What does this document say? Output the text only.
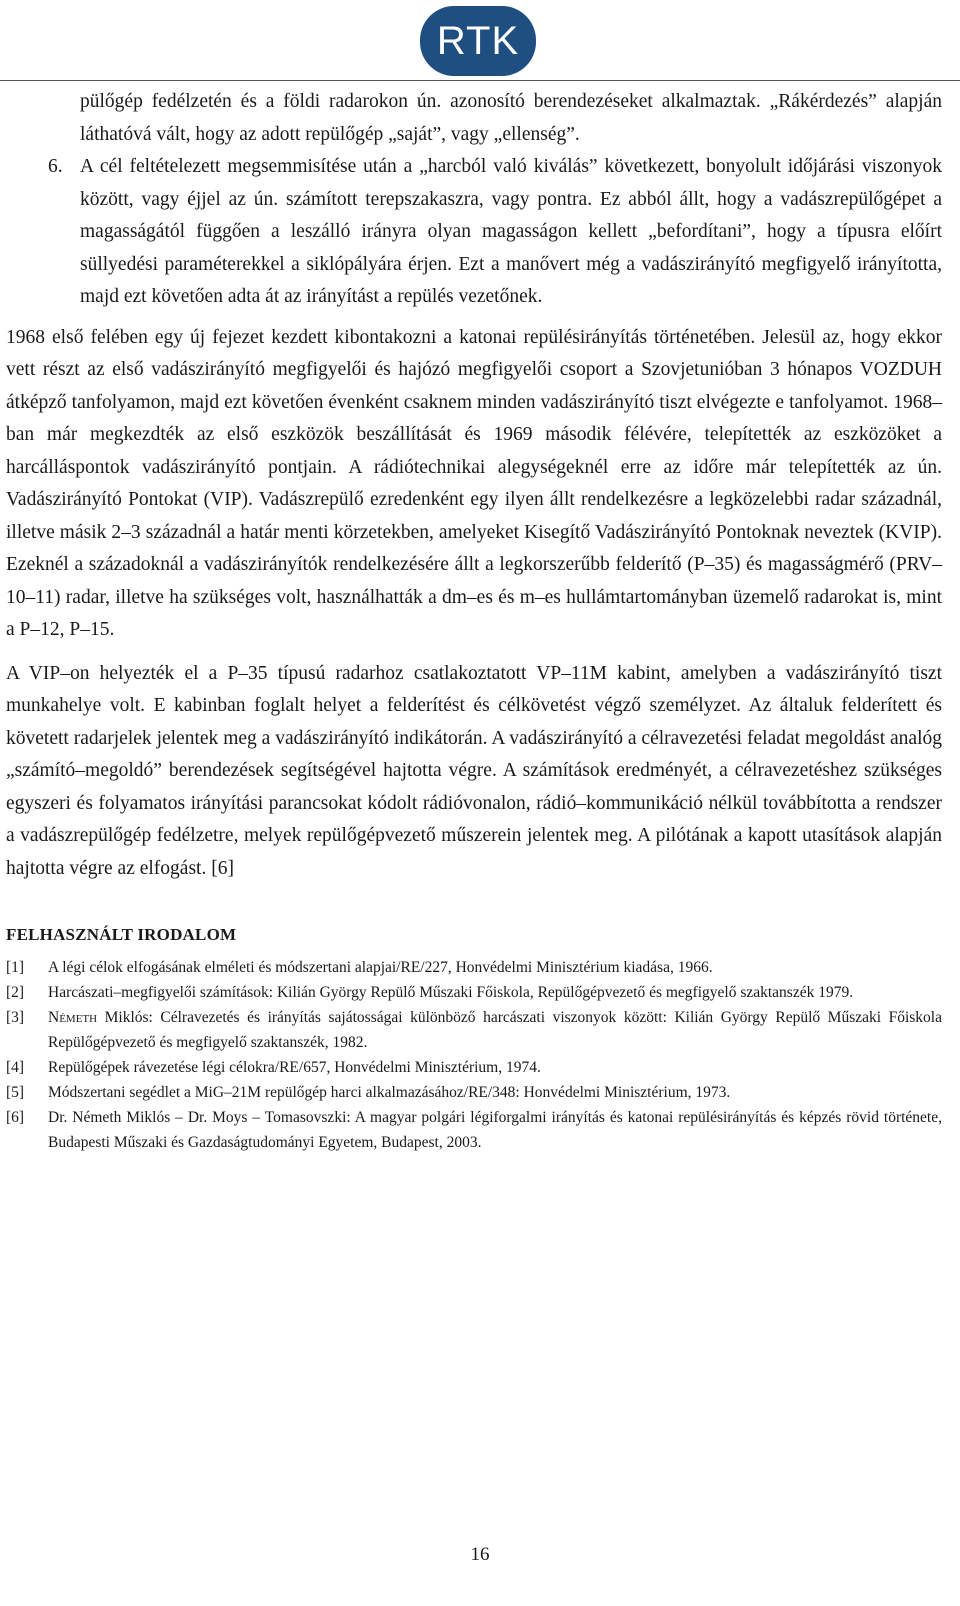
RTK

pülőgép fedélzetén és a földi radarokon ún. azonosító berendezéseket alkalmaztak. „Rákérdezés” alapján láthatóvá vált, hogy az adott repülőgép „saját”, vagy „ellenség”.

6. A cél feltételezett megsemmisítése után a „harcból való kiválás” következett, bonyolult időjárási viszonyok között, vagy éjjel az ún. számított terepszakaszra, vagy pontra. Ez abból állt, hogy a vadászrepülőgépet a magasságától függően a leszálló irányra olyan magasságon kellett „befordítani”, hogy a típusra előírt süllyedési paraméterekkel a siklópályára érjen. Ezt a manővert még a vadászirányító megfigyelő irányította, majd ezt követően adta át az irányítást a repülés vezetőnek.

1968 első felében egy új fejezet kezdett kibontakozni a katonai repülésirányítás történetében. Jelesül az, hogy ekkor vett részt az első vadászirányító megfigyelői és hajózó megfigyelői csoport a Szovjetunióban 3 hónapos VOZDUH átképző tanfolyamon, majd ezt követően évenként csaknem minden vadászirányító tiszt elvégezte e tanfolyamot. 1968–ban már megkezdték az első eszközök beszállítását és 1969 második félévére, telepítették az eszközöket a harcálláspontok vadászirányító pontjain. A rádiótechnikai alegységeknél erre az időre már telepítették az ún. Vadászirányító Pontokat (VIP). Vadászrepülő ezredenként egy ilyen állt rendelkezésre a legközelebbi radar századnál, illetve másik 2–3 századnál a határ menti körzetekben, amelyeket Kisegítő Vadászirányító Pontoknak neveztek (KVIP). Ezeknél a századoknál a vadászirányítók rendelkezésére állt a legkorszerűbb felderítő (P–35) és magasságmérő (PRV–10–11) radar, illetve ha szükséges volt, használhatták a dm–es és m–es hullámtartományban üzemelő radarokat is, mint a P–12, P–15.

A VIP–on helyezték el a P–35 típusú radarhoz csatlakoztatott VP–11M kabint, amelyben a vadászirányító tiszt munkahelye volt. E kabinban foglalt helyet a felderítést és célkövetést végző személyzet. Az általuk felderített és követett radarjelek jelentek meg a vadászirányító indikátorán. A vadászirányító a célravezetési feladat megoldást analóg „számító–megoldó” berendezések segítségével hajtotta végre. A számítások eredményét, a célravezetéshez szükséges egyszeri és folyamatos irányítási parancsokat kódolt rádióvonalon, rádió–kommunikáció nélkül továbbította a rendszer a vadászrepülőgép fedélzetre, melyek repülőgépvezető műszerein jelentek meg. A pilótának a kapott utasítások alapján hajtotta végre az elfogást. [6]

FELHASZNÁLT IRODALOM
[1] A légi célok elfogásának elméleti és módszertani alapjai/RE/227, Honvédelmi Minisztérium kiadása, 1966.
[2] Harcászati–megfigyelői számítások: Kilián György Repülő Műszaki Főiskola, Repülőgépvezető és megfigyelő szaktanszék 1979.
[3] Németh Miklós: Célravezetés és irányítás sajátosságai különböző harcászati viszonyok között: Kilián György Repülő Műszaki Főiskola Repülőgépvezető és megfigyelő szaktanszék, 1982.
[4] Repülőgépek rávezetése légi célokra/RE/657, Honvédelmi Minisztérium, 1974.
[5] Módszertani segédlet a MiG–21M repülőgép harci alkalmazásához/RE/348: Honvédelmi Minisztérium, 1973.
[6] Dr. Németh Miklós – Dr. Moys – Tomasovszki: A magyar polgári légiforgalmi irányítás és katonai repülésirányítás és képzés rövid története, Budapesti Műszaki és Gazdaságtudományi Egyetem, Budapest, 2003.
16
